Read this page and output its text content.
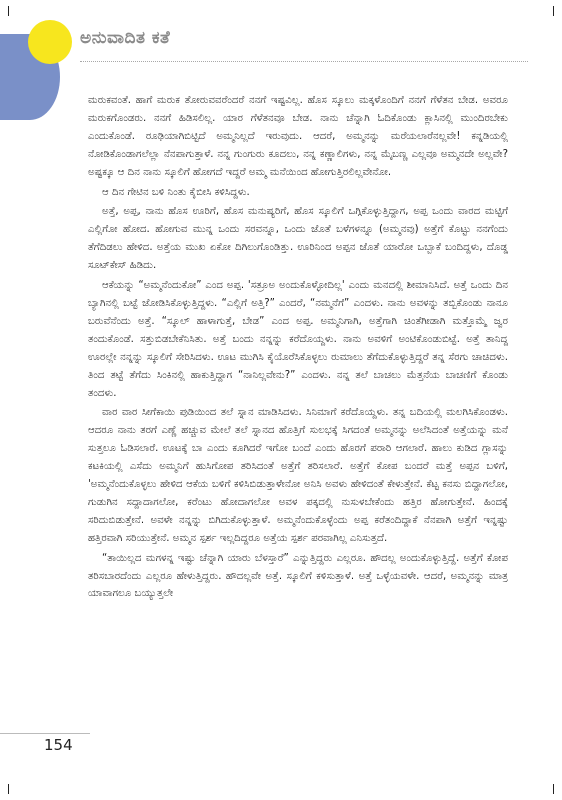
ಅನುವಾದಿತ ಕತೆ

ಮರುಕವಂತೆ. ಹಾಗೆ ಮರುಕ ತೋರುವವರೆಂದರೆ ನನಗೆ ಇಷ್ಟವಿಲ್ಲ. ಹೊಸ ಸ್ಕೂಲು ಮಕ್ಕಳೊಂದಿಗೆ ನನಗೆ ಗೆಳೆತನ ಬೇಡ. ಅವರೂ ಮರುಕಗೊಂಡರು. ನನಗೆ ಹಿಡಿಸಲಿಲ್ಲ. ಯಾರ ಗೆಳೆತನವೂ ಬೇಡ. ನಾನು ಚೆನ್ನಾಗಿ ಓದಿಕೊಂಡು ಕ್ಲಾಸಿನಲ್ಲಿ ಮುಂದಿರಬೇಕು ಎಂದುಕೊಂಡೆ. ರೂಢಿಯಾಗಿಬಿಟ್ಟಿದೆ ಅಮ್ಮನಿಲ್ಲದೆ ಇರುವುದು. ಆದರೆ, ಅಮ್ಮನನ್ನು ಮರೆಯಲಾರೆನಲ್ಲವೇ! ಕನ್ನಡಿಯಲ್ಲಿ ನೋಡಿಕೊಂಡಾಗಲೆಲ್ಲಾ ನೆನಪಾಗುತ್ತಾಳೆ. ನನ್ನ ಗುಂಗುರು ಕೂದಲು, ನನ್ನ ಕಣ್ಣಾಲಿಗಳು, ನನ್ನ ಮೈಬಣ್ಣ ಎಲ್ಲವೂ ಅಮ್ಮನದೇ ಅಲ್ಲವೇ? ಅಷ್ಟಕ್ಕೂ ಆ ದಿನ ನಾನು ಸ್ಕೂಲಿಗೆ ಹೋಗದೆ ಇದ್ದರೆ ಅಮ್ಮ ಮನೆಯಿಂದ ಹೋಗುತ್ತಿರಲಿಲ್ಲವೇನೋ.

ಆ ದಿನ ಗೇಟಿನ ಬಳಿ ನಿಂತು ಕೈಬೀಸಿ ಕಳಿಸಿದ್ದಳು.

ಅತ್ತೆ, ಅಪ್ಪ, ನಾನು ಹೊಸ ಊರಿಗೆ, ಹೊಸ ಮನುಷ್ಯರಿಗೆ, ಹೊಸ ಸ್ಕೂಲಿಗೆ ಒಗ್ಗಿಕೊಳ್ಳುತ್ತಿದ್ದಾಗ, ಅಪ್ಪ ಒಂದು ವಾರದ ಮಟ್ಟಿಗೆ ಎಲ್ಲಿಗೋ ಹೋದ. ಹೋಗುವ ಮುನ್ನ ಒಂದು ಸರವನ್ನೂ, ಒಂದು ಜೊತೆ ಬಳೆಗಳನ್ನೂ (ಅಮ್ಮನವು) ಅತ್ತೆಗೆ ಕೊಟ್ಟು ನನಗೆಂದು ತೆಗೆದಿಡಲು ಹೇಳಿದ. ಅತ್ತೆಯ ಮುಖ ಏಕೋ ದಿಗಿಲುಗೊಂಡಿತ್ತು. ಊರಿನಿಂದ ಅಪ್ಪನ ಜೊತೆ ಯಾರೋ ಒಬ್ಬಾಕೆ ಬಂದಿದ್ದಳು, ದೊಡ್ಡ ಸೂಟ್‌ಕೇಸ್ ಹಿಡಿದು.

ಆಕೆಯನ್ನು “ಅಮ್ಮನೆಂದುಕೋ” ಎಂದ ಅಪ್ಪ. 'ಸತ್ರೂಅ ಅಂದುಕೊಳ್ಳೋದಿಲ್ಲ' ಎಂದು ಮನದಲ್ಲಿ ಶೀಮಾನಿಸಿದೆ. ಅತ್ತೆ ಒಂದು ದಿನ ಬ್ಯಾಗಿನಲ್ಲಿ ಬಟ್ಟೆ ಜೋಡಿಸಿಕೊಳ್ಳುತ್ತಿದ್ದಳು. “ಎಲ್ಲಿಗೆ ಅತ್ತಿ?” ಎಂದರೆ, “ನಮ್ಮನೆಗೆ” ಎಂದಳು. ನಾನು ಅವಳನ್ನು ತಬ್ಬಿಕೊಂಡು ನಾನೂ ಬರುವೆನೆಂದು ಅತ್ತೆ. “ಸ್ಕೂಲ್ ಹಾಳಾಗುತ್ತೆ, ಬೇಡ” ಎಂದ ಅಪ್ಪ. ಅಮ್ಮನಿಗಾಗಿ, ಅತ್ತೆಗಾಗಿ ಚಿಂತೆಗೀಡಾಗಿ ಮತ್ತೊಮ್ಮೆ ಜ್ವರ ತಂದುಕೊಂಡೆ. ಸತ್ತುಬಿಡಬೇಕೆನಿಸಿತು. ಅತ್ತೆ ಬಂದು ನನ್ನನ್ನು ಕರೆದೊಯ್ದಳು. ನಾನು ಅವಳಿಗೆ ಅಂಟಿಕೊಂಡುಬಿಟ್ಟೆ. ಅತ್ತೆ ತಾನಿದ್ದ ಊರಲ್ಲೇ ನನ್ನನ್ನು ಸ್ಕೂಲಿಗೆ ಸೇರಿಸಿದಳು. ಊಟ ಮುಗಿಸಿ ಕೈಯೊರೆಸಿಕೊಳ್ಳಲು ರುಮಾಲು ತೆಗೆದುಕೊಳ್ಳುತ್ತಿದ್ದರೆ ತನ್ನ ಸೆರಗು ಚಾಚಿದಳು. ತಿಂದ ತಟ್ಟೆ ತೆಗೆದು ಸಿಂಕಿನಲ್ಲಿ ಹಾಕುತ್ತಿದ್ದಾಗ “ನಾನಿಲ್ಲವೇನು?” ಎಂದಳು. ನನ್ನ ತಲೆ ಬಾಚಲು ಮೆತ್ತನೆಯ ಬಾಚಣಿಗೆ ಕೊಂಡು ತಂದಳು.

ವಾರ ವಾರ ಸೀಗೆಕಾಯಿ ಪುಡಿಯಿಂದ ತಲೆ ಸ್ನಾನ ಮಾಡಿಸಿದಳು. ಸಿನಿಮಾಗೆ ಕರೆದೊಯ್ದಳು. ತನ್ನ ಬದಿಯಲ್ಲಿ ಮಲಗಿಸಿಕೊಂಡಳು. ಆದರೂ ನಾನು ತರಗೆ ಎಣ್ಣೆ ಹಚ್ಚುವ ಮೇಲೆ ತಲೆ ಸ್ನಾನದ ಹೊತ್ತಿಗೆ ಸುಲಭಕ್ಕೆ ಸಿಗದಂತೆ ಅಮ್ಮನನ್ನು ಅಲೆಸಿದಂತೆ ಅತ್ತೆಯನ್ನು ಮನೆ ಸುತ್ತಲೂ ಓಡಿಸಲಾರೆ. ಊಟಕ್ಕೆ ಬಾ ಎಂದು ಕೂಗಿದರೆ ಇಗೋ ಬಂದೆ ಎಂದು ಹೊರಗೆ ಪರಾರಿ ಆಗಲಾರೆ. ಹಾಲು ಕುಡಿದ ಗ್ಲಾಸನ್ನು ಕಟಕಿಯಲ್ಲಿ ಎಸೆದು ಅಮ್ಮನಿಗೆ ಹುಸಿಗೋಪ ತರಿಸಿದಂತೆ ಅತ್ತೆಗೆ ತರಿಸಲಾರೆ. ಅತ್ತೆಗೆ ಕೋಪ ಬಂದರೆ ಮತ್ತೆ ಅಪ್ಪನ ಬಳಿಗೆ, 'ಅಮ್ಮನೆಂದುಕೊಳ್ಳಲು ಹೇಳಿದ ಆಕೆಯ ಬಳಿಗೆ ಕಳಿಸಿಬಿಡುತ್ತಾಳೇನೋ ಅನಿಸಿ ಅವಳು ಹೇಳಿದಂತೆ ಕೇಳುತ್ತೇನೆ. ಕೆಟ್ಟ ಕನಸು ಬಿದ್ದಾಗಲೋ, ಗುಡುಗಿನ ಸದ್ದಾದಾಗಲೋ, ಕರೆಂಟು ಹೋದಾಗಲೋ ಅವಳ ಪಕ್ಕದಲ್ಲಿ ನುಸುಳಬೇಕೆಂದು ಹತ್ತಿರ ಹೋಗುತ್ತೇನೆ. ಹಿಂದಕ್ಕೆ ಸರಿದುಬಿಡುತ್ತೇನೆ. ಅವಳೇ ನನ್ನನ್ನು ಬಿಗಿದುಕೊಳ್ಳುತ್ತಾಳೆ. ಅಮ್ಮನೆಂದುಕೊಳ್ಳೆಂದು ಅಪ್ಪ ಕರೆತಂದಿದ್ದಾಕೆ ನೆನಪಾಗಿ ಅತ್ತೆಗೆ ಇನ್ನಷ್ಟು ಹತ್ತಿರವಾಗಿ ಸರಿಯುತ್ತೇನೆ. ಅಮ್ಮನ ಸ್ಪರ್ಶ ಇಲ್ಲದಿದ್ದರೂ ಅತ್ತೆಯ ಸ್ಪರ್ಶ ಪರವಾಗಿಲ್ಲ ಎನಿಸುತ್ತದೆ.

“ತಾಯಿಲ್ಲದ ಮಗಳನ್ನ ಇಷ್ಟು ಚೆನ್ನಾಗಿ ಯಾರು ಬೆಳಸ್ತಾರೆ” ಎನ್ನುತ್ತಿದ್ದರು ಎಲ್ಲರೂ. ಹೌದಲ್ಲ ಅಂದುಕೊಳ್ಳುತ್ತಿದ್ದೆ. ಅತ್ತೆಗೆ ಕೋಪ ತರಿಸಬಾರದೆಂದು ಎಲ್ಲರೂ ಹೇಳುತ್ತಿದ್ದರು. ಹೌದಲ್ಲವೇ ಅತ್ತೆ. ಸ್ಕೂಲಿಗೆ ಕಳಿಸುತ್ತಾಳೆ. ಅತ್ತೆ ಒಳ್ಳೆಯವಳೇ. ಆದರೆ, ಅಮ್ಮನನ್ನು ಮಾತ್ರ ಯಾವಾಗಲೂ ಬಯ್ಯುತ್ತಲೇ

154
